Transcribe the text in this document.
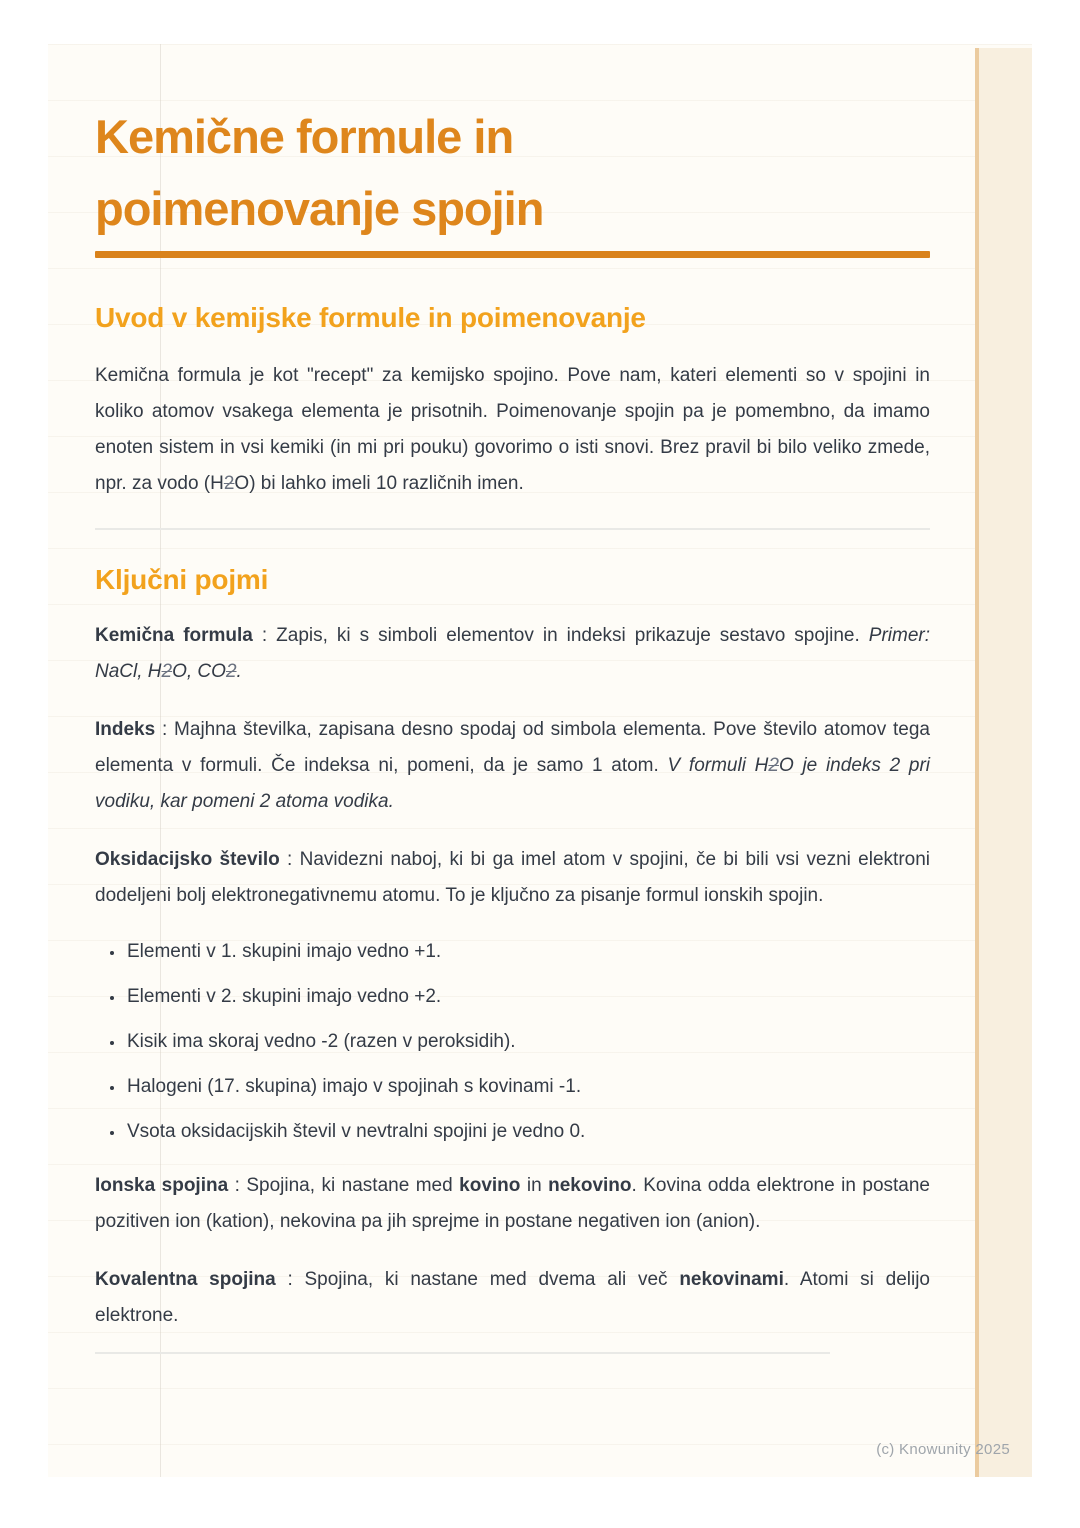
Kemične formule in
poimenovanje spojin
Uvod v kemijske formule in poimenovanje

Kemična formula je kot "recept" za kemijsko spojino. Pove nam, kateri elementi so v spojini in koliko atomov vsakega elementa je prisotnih. Poimenovanje spojin pa je pomembno, da imamo enoten sistem in vsi kemiki (in mi pri pouku) govorimo o isti snovi. Brez pravil bi bilo veliko zmede, npr. za vodo (H2O) bi lahko imeli 10 različnih imen.

Ključni pojmi

Kemična formula : Zapis, ki s simboli elementov in indeksi prikazuje sestavo spojine. Primer: NaCl, H2O, CO2.

Indeks : Majhna številka, zapisana desno spodaj od simbola elementa. Pove število atomov tega elementa v formuli. Če indeksa ni, pomeni, da je samo 1 atom. V formuli H2O je indeks 2 pri vodiku, kar pomeni 2 atoma vodika.

Oksidacijsko število : Navidezni naboj, ki bi ga imel atom v spojini, če bi bili vsi vezni elektroni dodeljeni bolj elektronegativnemu atomu. To je ključno za pisanje formul ionskih spojin.

• Elementi v 1. skupini imajo vedno +1.
• Elementi v 2. skupini imajo vedno +2.
• Kisik ima skoraj vedno -2 (razen v peroksidih).
• Halogeni (17. skupina) imajo v spojinah s kovinami -1.
• Vsota oksidacijskih števil v nevtralni spojini je vedno 0.

Ionska spojina : Spojina, ki nastane med kovino in nekovino. Kovina odda elektrone in postane pozitiven ion (kation), nekovina pa jih sprejme in postane negativen ion (anion).

Kovalentna spojina : Spojina, ki nastane med dvema ali več nekovinami. Atomi si delijo elektrone.

(c) Knowunity 2025
